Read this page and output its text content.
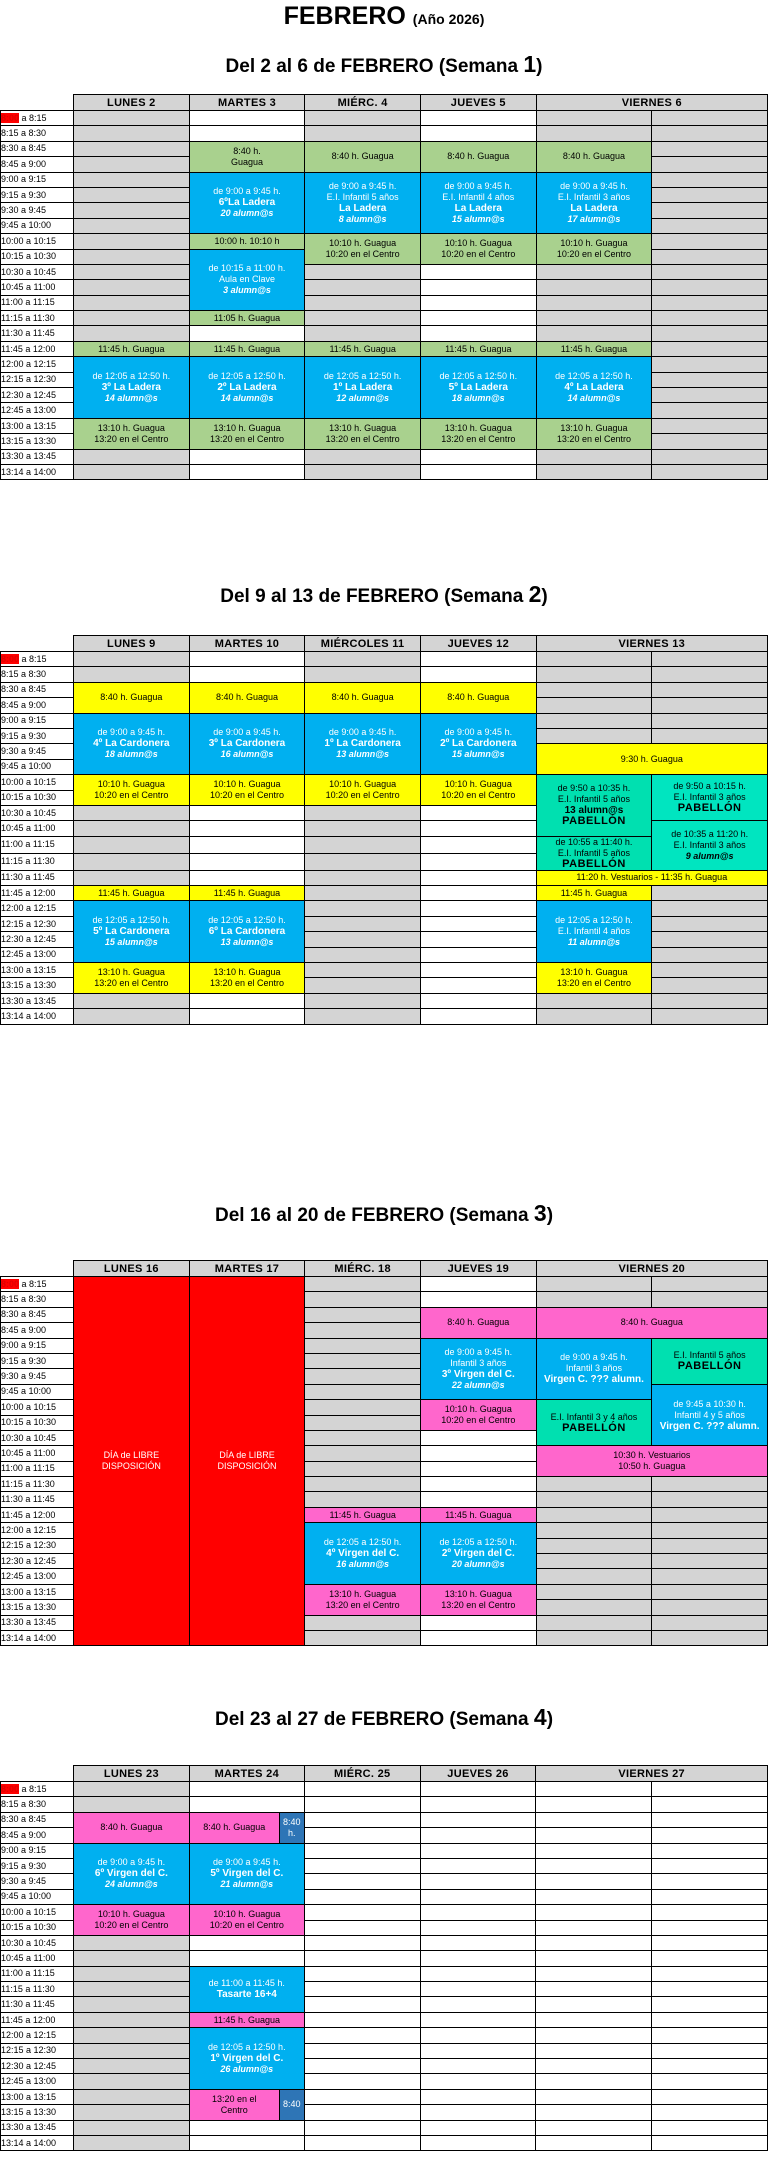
FEBRERO (Año 2026)
Del 2 al 6 de FEBRERO (Semana 1)
	LUNES 2	MARTES 3	MIÉRC. 4	JUEVES 5	VIERNES 6	
8:00 a 8:15						
8:15 a 8:30						
8:30 a 8:45		8:40 h.
Guagua	8:40 h. Guagua	8:40 h. Guagua	8:40 h. Guagua	
8:45 a 9:00						
9:00 a 9:15		de 9:00 a 9:45 h.
6ºLa Ladera
20 alumn@s	de 9:00 a 9:45 h.
E.I. Infantil 5 años
La Ladera
8 alumn@s	de 9:00 a 9:45 h.
E.I. Infantil 4 años
La Ladera
15 alumn@s	de 9:00 a 9:45 h.
E.I. Infantil 3 años
La Ladera
17 alumn@s	
9:15 a 9:30						
9:30 a 9:45						
9:45 a 10:00						
10:00 a 10:15		10:00 h. 10:10 h	10:10 h. Guagua
10:20 en el Centro	10:10 h. Guagua
10:20 en el Centro	10:10 h. Guagua
10:20 en el Centro	
10:15 a 10:30		de 10:15 a 11:00 h.
Aula en Clave
3 alumn@s				
10:30 a 10:45						
10:45 a 11:00						
11:00 a 11:15						
11:15 a 11:30		11:05 h. Guagua				
11:30 a 11:45						
11:45 a 12:00	11:45 h. Guagua	11:45 h. Guagua	11:45 h. Guagua	11:45 h. Guagua	11:45 h. Guagua	
12:00 a 12:15	de 12:05 a 12:50 h.
3º La Ladera
14 alumn@s	de 12:05 a 12:50 h.
2º La Ladera
14 alumn@s	de 12:05 a 12:50 h.
1º La Ladera
12 alumn@s	de 12:05 a 12:50 h.
5º La Ladera
18 alumn@s	de 12:05 a 12:50 h.
4º La Ladera
14 alumn@s	
12:15 a 12:30						
12:30 a 12:45						
12:45 a 13:00						
13:00 a 13:15	13:10 h. Guagua
13:20 en el Centro	13:10 h. Guagua
13:20 en el Centro	13:10 h. Guagua
13:20 en el Centro	13:10 h. Guagua
13:20 en el Centro	13:10 h. Guagua
13:20 en el Centro	
13:15 a 13:30						
13:30 a 13:45						
13:14 a 14:00						
Del 9 al 13 de FEBRERO (Semana 2)
	LUNES 9	MARTES 10	MIÉRCOLES 11	JUEVES 12	VIERNES 13	
8:00 a 8:15						
8:15 a 8:30						
8:30 a 8:45	8:40 h. Guagua	8:40 h. Guagua	8:40 h. Guagua	8:40 h. Guagua		
8:45 a 9:00						
9:00 a 9:15	de 9:00 a 9:45 h.
4º La Cardonera
18 alumn@s	de 9:00 a 9:45 h.
3º La Cardonera
16 alumn@s	de 9:00 a 9:45 h.
1º La Cardonera
13 alumn@s	de 9:00 a 9:45 h.
2º La Cardonera
15 alumn@s		
9:15 a 9:30						
9:30 a 9:45					9:30 h. Guagua	
9:45 a 10:00						
10:00 a 10:15	10:10 h. Guagua
10:20 en el Centro	10:10 h. Guagua
10:20 en el Centro	10:10 h. Guagua
10:20 en el Centro	10:10 h. Guagua
10:20 en el Centro	de 9:50 a 10:35 h.
E.I. Infantil 5 años
13 alumn@s
PABELLÓN	de 9:50 a 10:15 h.
E.I. Infantil 3 años
PABELLÓN
10:15 a 10:30						
10:30 a 10:45						
10:45 a 11:00						de 10:35 a 11:20 h.
E.I. Infantil 3 años
9 alumn@s
11:00 a 11:15					de 10:55 a 11:40 h.
E.I. Infantil 5 años
PABELLÓN	
11:15 a 11:30						
11:30 a 11:45					11:20 h. Vestuarios - 11:35 h. Guagua	
11:45 a 12:00	11:45 h. Guagua	11:45 h. Guagua			11:45 h. Guagua	
12:00 a 12:15	de 12:05 a 12:50 h.
5º La Cardonera
15 alumn@s	de 12:05 a 12:50 h.
6º La Cardonera
13 alumn@s			de 12:05 a 12:50 h.
E.I. Infantil 4 años
11 alumn@s	
12:15 a 12:30						
12:30 a 12:45						
12:45 a 13:00						
13:00 a 13:15	13:10 h. Guagua
13:20 en el Centro	13:10 h. Guagua
13:20 en el Centro			13:10 h. Guagua
13:20 en el Centro	
13:15 a 13:30						
13:30 a 13:45						
13:14 a 14:00						
Del 16 al 20 de FEBRERO (Semana 3)
	LUNES 16	MARTES 17	MIÉRC. 18	JUEVES 19	VIERNES 20	
8:00 a 8:15	DÍA de LIBRE
DISPOSICIÓN	DÍA de LIBRE
DISPOSICIÓN				
8:15 a 8:30						
8:30 a 8:45				8:40 h. Guagua	8:40 h. Guagua	
8:45 a 9:00						
9:00 a 9:15				de 9:00 a 9:45 h.
Infantil 3 años
3º Virgen del C.
22 alumn@s	de 9:00 a 9:45 h.
Infantil 3 años
Virgen C. ??? alumn.	E.I. Infantil 5 años
PABELLÓN
9:15 a 9:30						
9:30 a 9:45						
9:45 a 10:00						de 9:45 a 10:30 h.
Infantil 4 y 5 años
Virgen C. ??? alumn.
10:00 a 10:15				10:10 h. Guagua
10:20 en el Centro	E.I. Infantil 3 y 4 años
PABELLÓN	
10:15 a 10:30						
10:30 a 10:45						
10:45 a 11:00					10:30 h. Vestuarios
10:50 h. Guagua	
11:00 a 11:15						
11:15 a 11:30						
11:30 a 11:45						
11:45 a 12:00			11:45 h. Guagua	11:45 h. Guagua		
12:00 a 12:15			de 12:05 a 12:50 h.
4º Virgen del C.
16 alumn@s	de 12:05 a 12:50 h.
2º Virgen del C.
20 alumn@s		
12:15 a 12:30						
12:30 a 12:45						
12:45 a 13:00						
13:00 a 13:15			13:10 h. Guagua
13:20 en el Centro	13:10 h. Guagua
13:20 en el Centro		
13:15 a 13:30						
13:30 a 13:45						
13:14 a 14:00						
Del 23 al 27 de FEBRERO (Semana 4)
	LUNES 23	MARTES 24		MIÉRC. 25	JUEVES 26	VIERNES 27	
8:00 a 8:15							
8:15 a 8:30							
8:30 a 8:45	8:40 h. Guagua	8:40 h. Guagua	8:40 h.				
8:45 a 9:00							
9:00 a 9:15	de 9:00 a 9:45 h.
6º Virgen del C.
24 alumn@s	de 9:00 a 9:45 h.
5º Virgen del C.
21 alumn@s					
9:15 a 9:30							
9:30 a 9:45							
9:45 a 10:00							
10:00 a 10:15	10:10 h. Guagua
10:20 en el Centro	10:10 h. Guagua
10:20 en el Centro					
10:15 a 10:30							
10:30 a 10:45							
10:45 a 11:00							
11:00 a 11:15		de 11:00 a 11:45 h.
Tasarte 16+4					
11:15 a 11:30							
11:30 a 11:45							
11:45 a 12:00		11:45 h. Guagua					
12:00 a 12:15		de 12:05 a 12:50 h.
1º Virgen del C.
26 alumn@s					
12:15 a 12:30							
12:30 a 12:45							
12:45 a 13:00							
13:00 a 13:15		13:20 en el
Centro	8:40				
13:15 a 13:30							
13:30 a 13:45							
13:14 a 14:00							
